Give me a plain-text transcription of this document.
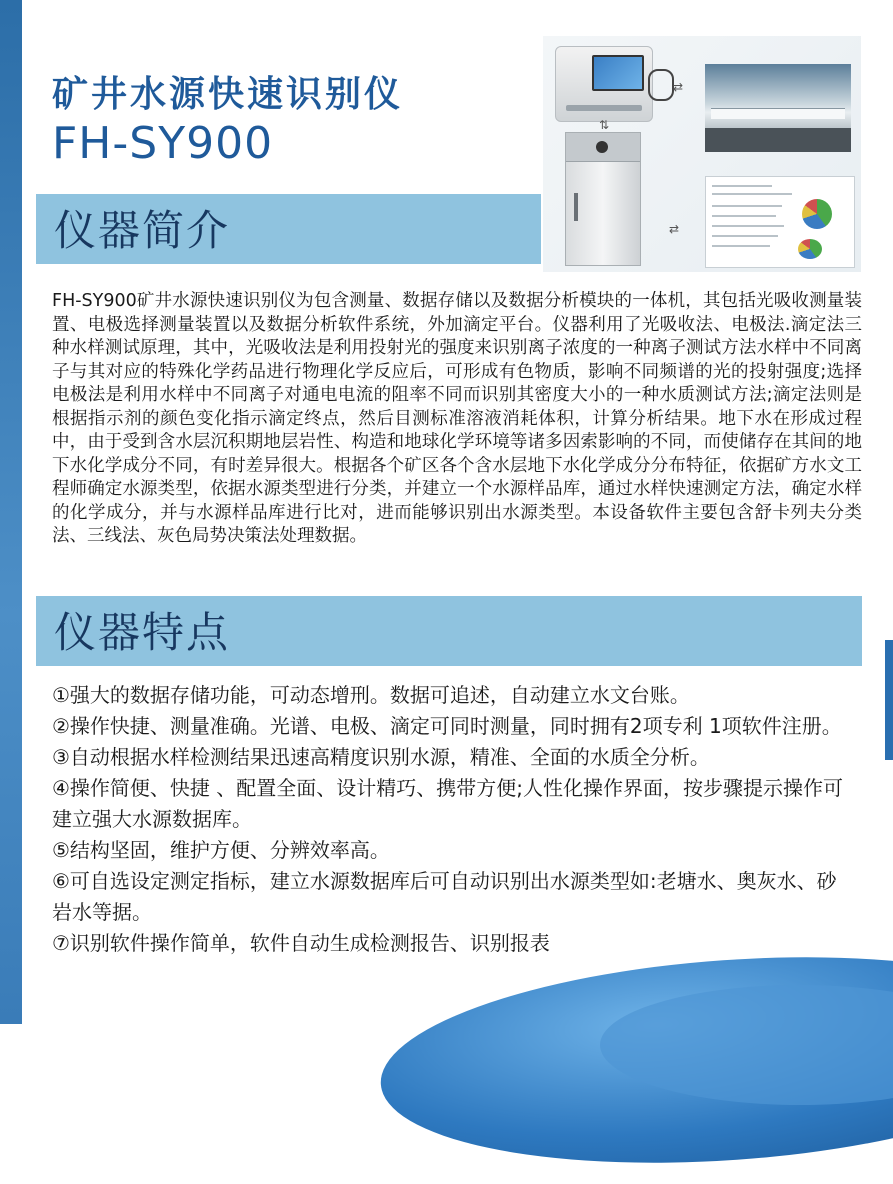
矿井水源快速识别仪
FH-SY900
仪器简介
⇄
⇅
⇄

FH-SY900矿井水源快速识别仪为包含测量、数据存储以及数据分析模块的一体机，其包括光吸收测量装置、电极选择测量装置以及数据分析软件系统，外加滴定平台。仪器利用了光吸收法、电极法.滴定法三种水样测试原理，其中，光吸收法是利用投射光的强度来识别离子浓度的一种离子测试方法水样中不同离子与其对应的特殊化学药品进行物理化学反应后，可形成有色物质，影响不同频谱的光的投射强度;选择电极法是利用水样中不同离子对通电电流的阻率不同而识别其密度大小的一种水质测试方法;滴定法则是根据指示剂的颜色变化指示滴定终点，然后目测标准溶液消耗体积，计算分析结果。地下水在形成过程中，由于受到含水层沉积期地层岩性、构造和地球化学环境等诸多因索影响的不同，而使储存在其间的地下水化学成分不同，有时差异很大。根据各个矿区各个含水层地下水化学成分分布特征，依据矿方水文工程师确定水源类型，依据水源类型进行分类，并建立一个水源样品库，通过水样快速测定方法，确定水样的化学成分，并与水源样品库进行比对，进而能够识别出水源类型。本设备软件主要包含舒卡列夫分类法、三线法、灰色局势决策法处理数据。

仪器特点
①强大的数据存储功能，可动态增刑。数据可追述，自动建立水文台账。
②操作快捷、测量准确。光谱、电极、滴定可同时测量，同时拥有2项专利 1项软件注册。
③自动根据水样检测结果迅速高精度识别水源，精准、全面的水质全分析。
④操作简便、快捷 、配置全面、设计精巧、携带方便;人性化操作界面，按步骤提示操作可建立强大水源数据库。
⑤结构坚固，维护方便、分辨效率高。
⑥可自选设定测定指标，建立水源数据库后可自动识别出水源类型如:老塘水、奥灰水、砂岩水等据。
⑦识别软件操作简单，软件自动生成检测报告、识别报表
